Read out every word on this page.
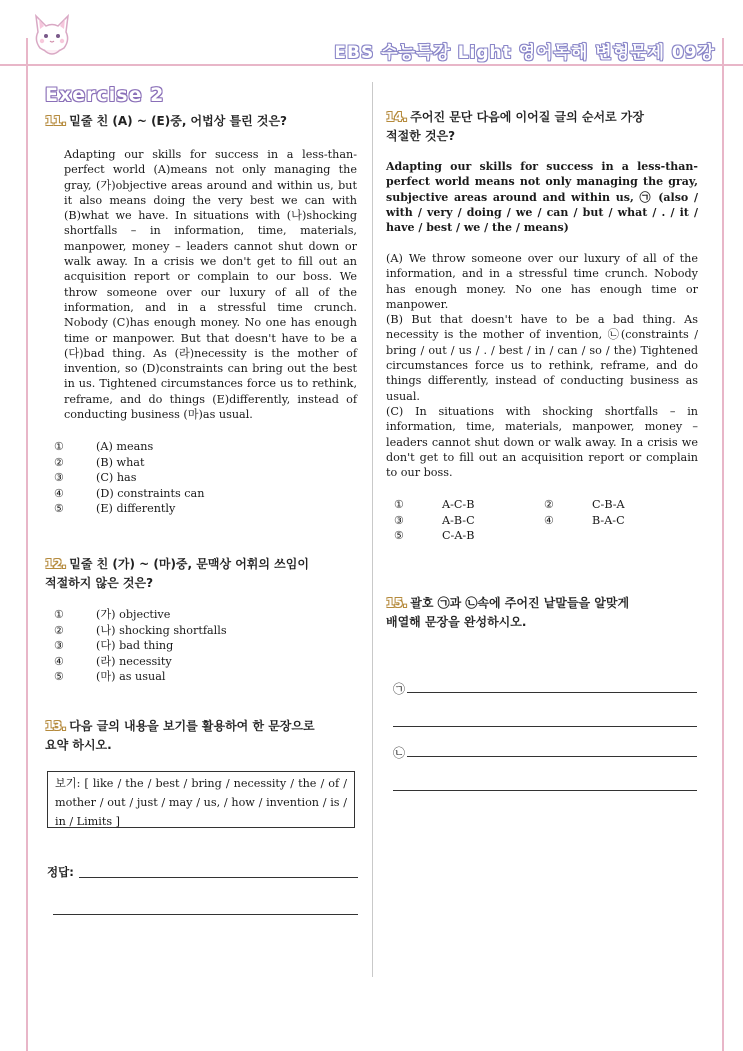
EBS 수능특강 Light 영어독해 변형문제 09강
Exercise 2
11. 밑줄 친 (A) ~ (E)중, 어법상 틀린 것은?

Adapting our skills for success in a less-than-perfect world (A)means not only managing the gray, (가)objective areas around and within us, but it also means doing the very best we can with (B)what we have. In situations with (나)shocking shortfalls – in information, time, materials, manpower, money – leaders cannot shut down or walk away. In a crisis we don't get to fill out an acquisition report or complain to our boss. We throw someone over our luxury of all of the information, and in a stressful time crunch. Nobody (C)has enough money. No one has enough time or manpower. But that doesn't have to be a (다)bad thing. As (라)necessity is the mother of invention, so (D)constraints can bring out the best in us. Tightened circumstances force us to rethink, reframe, and do things (E)differently, instead of conducting business (마)as usual.

①	(A) means
②	(B) what
③	(C) has
④	(D) constraints can
⑤	(E) differently
12. 밑줄 친 (가) ~ (마)중, 문맥상 어휘의 쓰임이
적절하지 않은 것은?
①	(가) objective
②	(나) shocking shortfalls
③	(다) bad thing
④	(라) necessity
⑤	(마) as usual
13. 다음 글의 내용을 보기를 활용하여 한 문장으로
요약 하시오.
보기: [ like / the / best / bring / necessity / the / of / mother / out / just / may / us, / how / invention / is / in / Limits ]
정답:
14. 주어진 문단 다음에 이어질 글의 순서로 가장
적절한 것은?

Adapting our skills for success in a less-than-perfect world means not only managing the gray, subjective areas around and within us, ㉠ (also / with / very / doing / we / can / but / what / . / it / have / best / we / the / means)

(A) We throw someone over our luxury of all of the information, and in a stressful time crunch. Nobody has enough money. No one has enough time or manpower.

(B) But that doesn't have to be a bad thing. As necessity is the mother of invention, ㉡(constraints / bring / out / us / . / best / in / can / so / the) Tightened circumstances force us to rethink, reframe, and do things differently, instead of conducting business as usual.

(C) In situations with shocking shortfalls – in information, time, materials, manpower, money – leaders cannot shut down or walk away. In a crisis we don't get to fill out an acquisition report or complain to our boss.

①	A-C-B	②	C-B-A
③	A-B-C	④	B-A-C
⑤	C-A-B
15. 괄호 ㉠과 ㉡속에 주어진 낱말들을 알맞게
배열해 문장을 완성하시오.
㉠
㉡
